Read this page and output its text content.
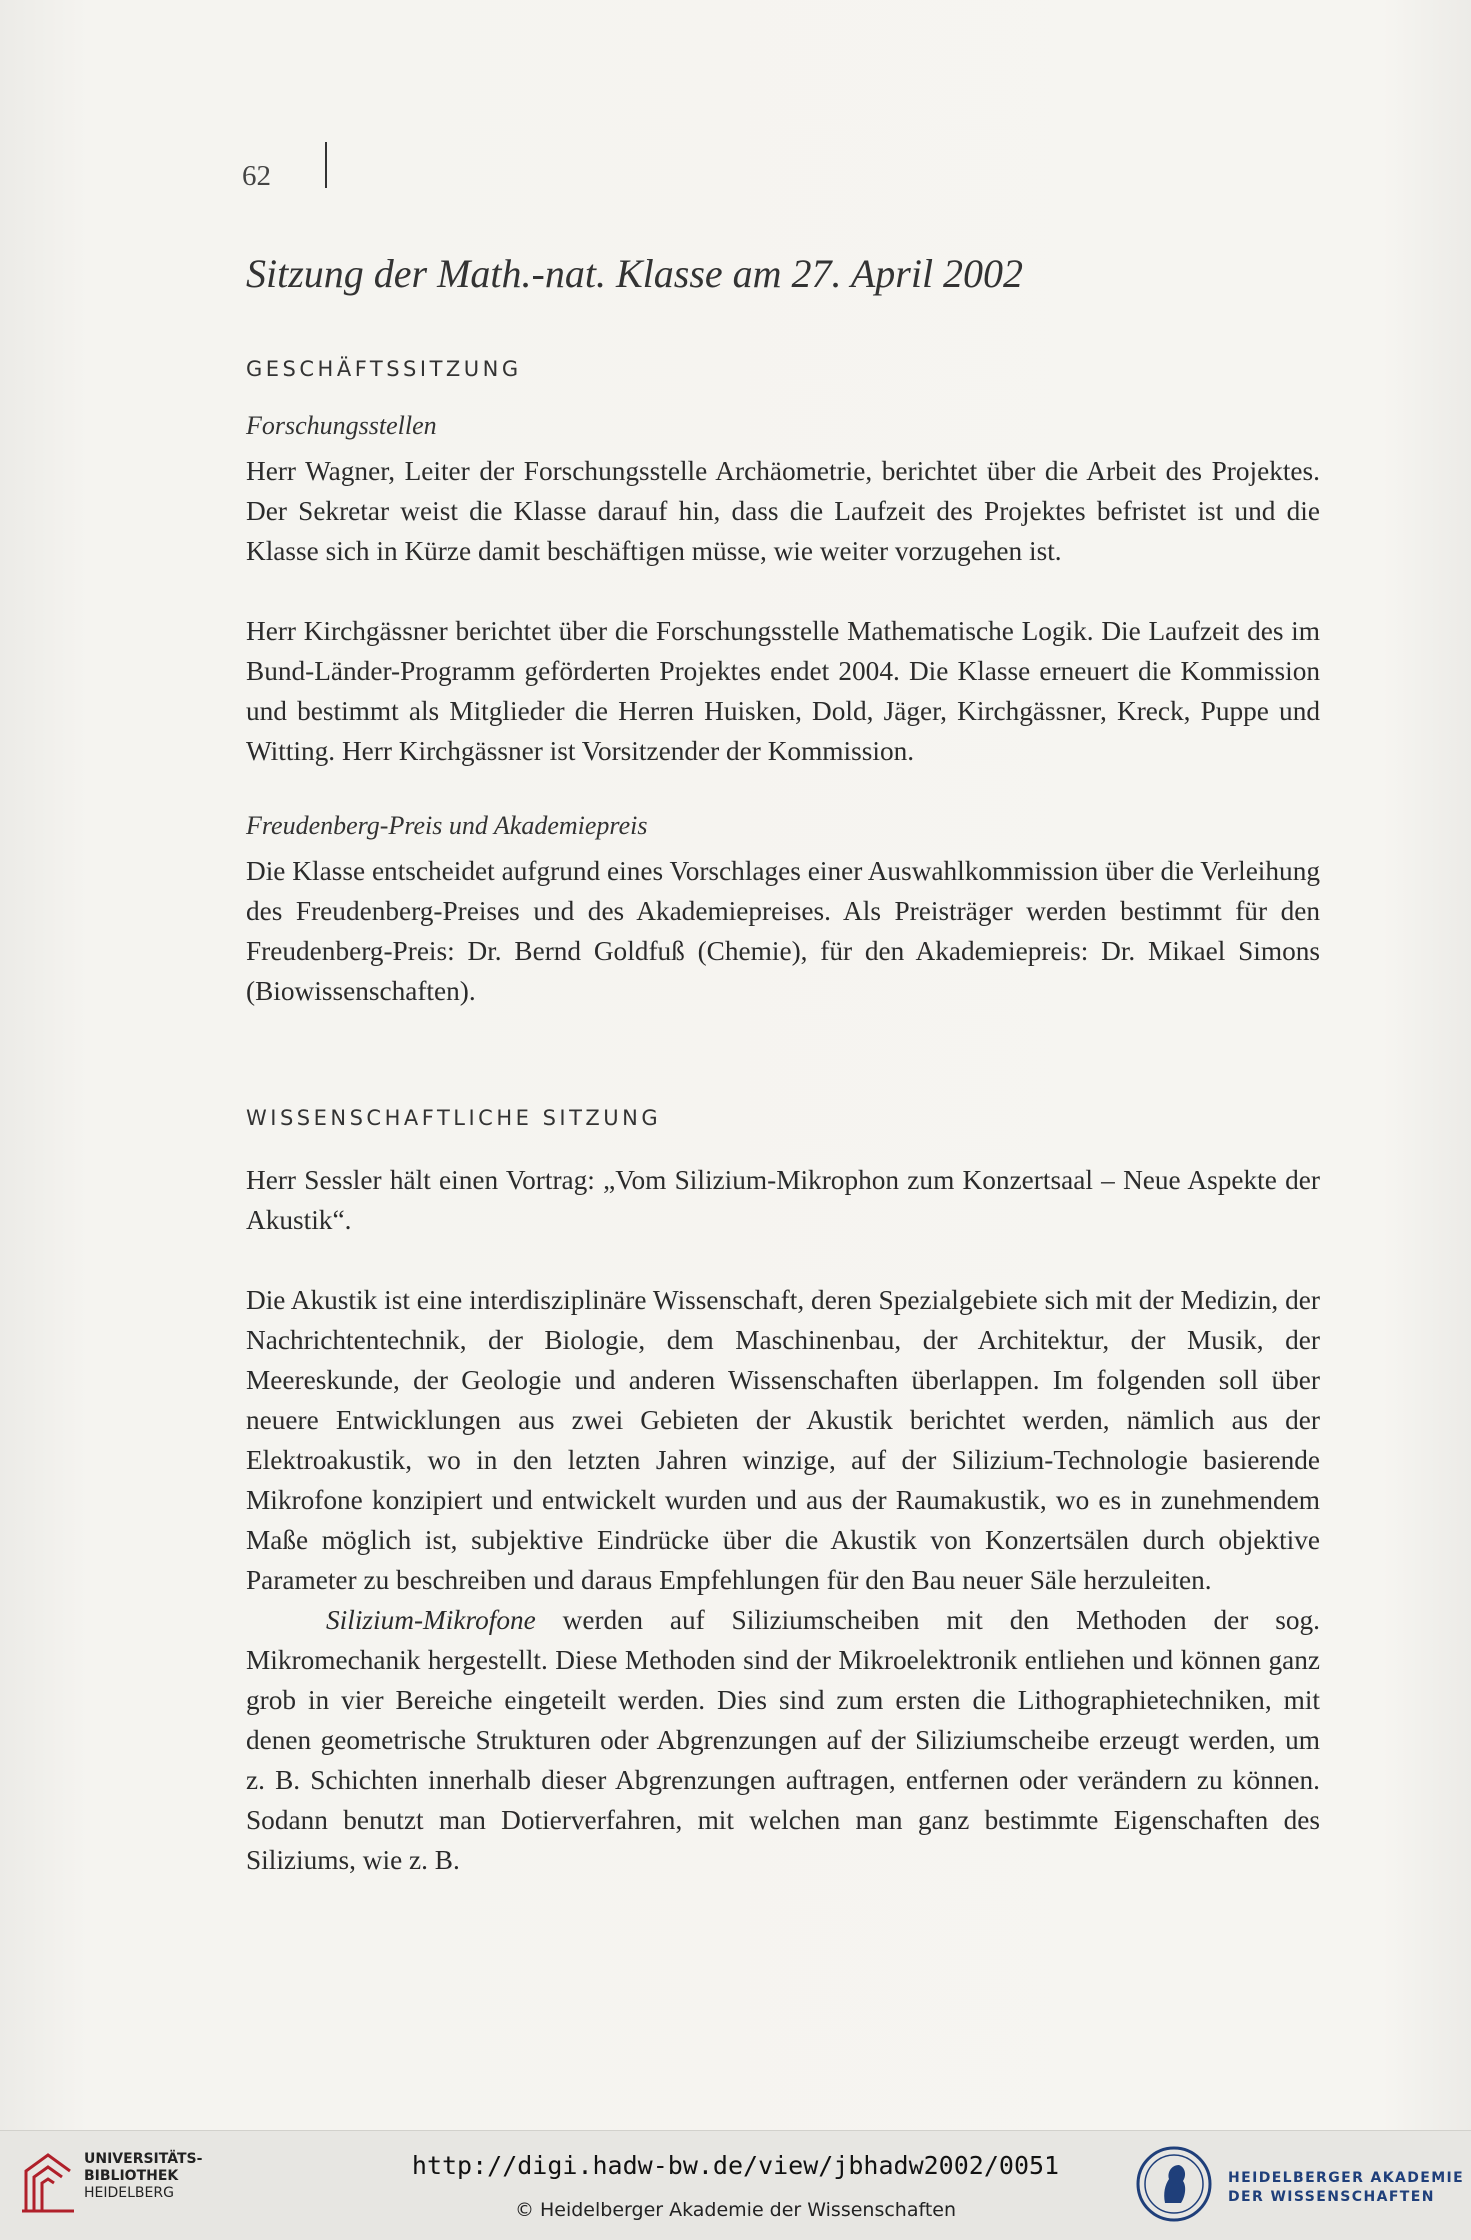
62
Sitzung der Math.-nat. Klasse am 27. April 2002
GESCHÄFTSSITZUNG
Forschungsstellen

Herr Wagner, Leiter der Forschungsstelle Archäometrie, berichtet über die Arbeit des Projektes. Der Sekretar weist die Klasse darauf hin, dass die Laufzeit des Projektes befristet ist und die Klasse sich in Kürze damit beschäftigen müsse, wie weiter vorzugehen ist.

Herr Kirchgässner berichtet über die Forschungsstelle Mathematische Logik. Die Laufzeit des im Bund-Länder-Programm geförderten Projektes endet 2004. Die Klasse erneuert die Kommission und bestimmt als Mitglieder die Herren Huisken, Dold, Jäger, Kirchgässner, Kreck, Puppe und Witting. Herr Kirchgässner ist Vorsitzender der Kommission.

Freudenberg-Preis und Akademiepreis

Die Klasse entscheidet aufgrund eines Vorschlages einer Auswahlkommission über die Verleihung des Freudenberg-Preises und des Akademiepreises. Als Preisträger werden bestimmt für den Freudenberg-Preis: Dr. Bernd Goldfuß (Chemie), für den Akademiepreis: Dr. Mikael Simons (Biowissenschaften).

WISSENSCHAFTLICHE SITZUNG

Herr Sessler hält einen Vortrag: „Vom Silizium-Mikrophon zum Konzertsaal – Neue Aspekte der Akustik“.

Die Akustik ist eine interdisziplinäre Wissenschaft, deren Spezialgebiete sich mit der Medizin, der Nachrichtentechnik, der Biologie, dem Maschinenbau, der Architektur, der Musik, der Meereskunde, der Geologie und anderen Wissenschaften überlappen. Im folgenden soll über neuere Entwicklungen aus zwei Gebieten der Akustik berichtet werden, nämlich aus der Elektroakustik, wo in den letzten Jahren winzige, auf der Silizium-Technologie basierende Mikrofone konzipiert und entwickelt wurden und aus der Raumakustik, wo es in zunehmendem Maße möglich ist, subjektive Eindrücke über die Akustik von Konzertsälen durch objektive Parameter zu beschreiben und daraus Empfehlungen für den Bau neuer Säle herzuleiten.

Silizium-Mikrofone werden auf Siliziumscheiben mit den Methoden der sog. Mikromechanik hergestellt. Diese Methoden sind der Mikroelektronik entliehen und können ganz grob in vier Bereiche eingeteilt werden. Dies sind zum ersten die Lithographietechniken, mit denen geometrische Strukturen oder Abgrenzungen auf der Siliziumscheibe erzeugt werden, um z. B. Schichten innerhalb dieser Abgrenzungen auftragen, entfernen oder verändern zu können. Sodann benutzt man Dotierverfahren, mit welchen man ganz bestimmte Eigenschaften des Siliziums, wie z. B.

UNIVERSITÄTS-
BIBLIOTHEK
HEIDELBERG
http://digi.hadw-bw.de/view/jbhadw2002/0051
© Heidelberger Akademie der Wissenschaften
HEIDELBERGER AKADEMIE
DER WISSENSCHAFTEN
